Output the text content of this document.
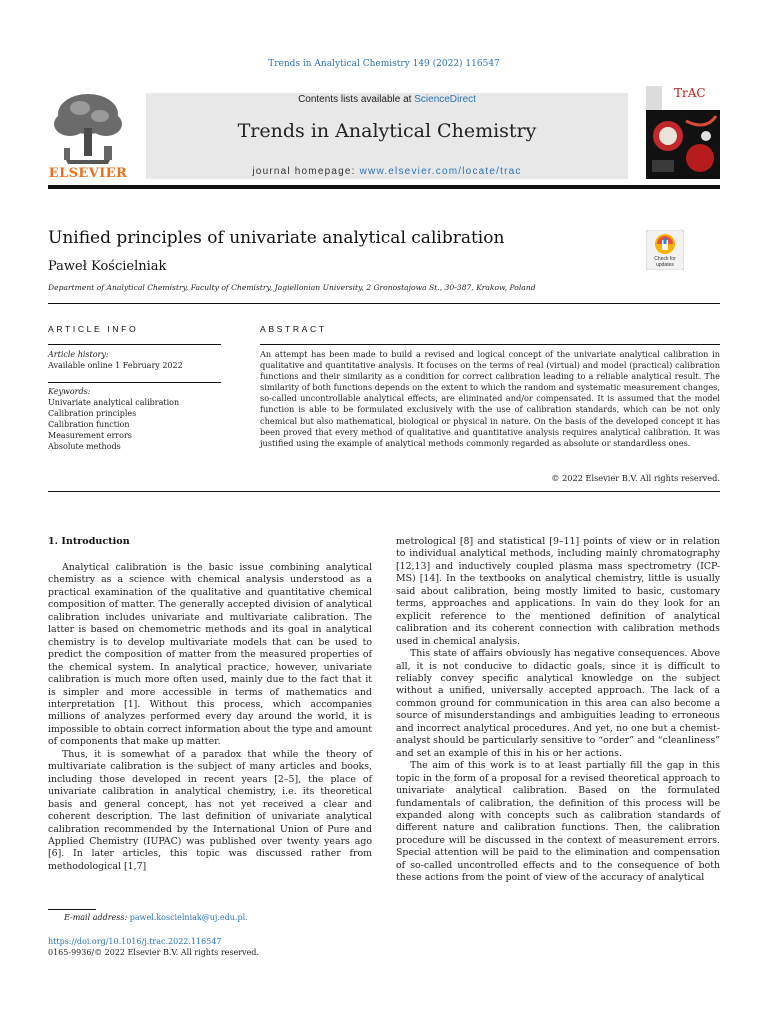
Trends in Analytical Chemistry 149 (2022) 116547
ELSEVIER
Contents lists available at ScienceDirect
Trends in Analytical Chemistry
journal homepage: www.elsevier.com/locate/trac
TrAC
Unified principles of univariate analytical calibration
Paweł Kościelniak
Department of Analytical Chemistry, Faculty of Chemistry, Jagiellonian University, 2 Gronostajowa St., 30-387, Krakow, Poland
Check for updates
ARTICLE INFO	ABSTRACT
Article history:
Available online 1 February 2022
Keywords:
Univariate analytical calibration
Calibration principles
Calibration function
Measurement errors
Absolute methods
An attempt has been made to build a revised and logical concept of the univariate analytical calibration in qualitative and quantitative analysis. It focuses on the terms of real (virtual) and model (practical) calibration functions and their similarity as a condition for correct calibration leading to a reliable analytical result. The similarity of both functions depends on the extent to which the random and systematic measurement changes, so-called uncontrollable analytical effects, are eliminated and/or compensated. It is assumed that the model function is able to be formulated exclusively with the use of calibration standards, which can be not only chemical but also mathematical, biological or physical in nature. On the basis of the developed concept it has been proved that every method of qualitative and quantitative analysis requires analytical calibration. It was justified using the example of analytical methods commonly regarded as absolute or standardless ones.
© 2022 Elsevier B.V. All rights reserved.
1. Introduction

Analytical calibration is the basic issue combining analytical chemistry as a science with chemical analysis understood as a practical examination of the qualitative and quantitative chemical composition of matter. The generally accepted division of analytical calibration includes univariate and multivariate calibration. The latter is based on chemometric methods and its goal in analytical chemistry is to develop multivariate models that can be used to predict the composition of matter from the measured properties of the chemical system. In analytical practice, however, univariate calibration is much more often used, mainly due to the fact that it is simpler and more accessible in terms of mathematics and interpretation [1]. Without this process, which accompanies millions of analyzes performed every day around the world, it is impossible to obtain correct information about the type and amount of components that make up matter.

Thus, it is somewhat of a paradox that while the theory of multivariate calibration is the subject of many articles and books, including those developed in recent years [2–5], the place of univariate calibration in analytical chemistry, i.e. its theoretical basis and general concept, has not yet received a clear and coherent description. The last definition of univariate analytical calibration recommended by the International Union of Pure and Applied Chemistry (IUPAC) was published over twenty years ago [6]. In later articles, this topic was discussed rather from methodological [1,7]

metrological [8] and statistical [9–11] points of view or in relation to individual analytical methods, including mainly chromatography [12,13] and inductively coupled plasma mass spectrometry (ICP-MS) [14]. In the textbooks on analytical chemistry, little is usually said about calibration, being mostly limited to basic, customary terms, approaches and applications. In vain do they look for an explicit reference to the mentioned definition of analytical calibration and its coherent connection with calibration methods used in chemical analysis.

This state of affairs obviously has negative consequences. Above all, it is not conducive to didactic goals, since it is difficult to reliably convey specific analytical knowledge on the subject without a unified, universally accepted approach. The lack of a common ground for communication in this area can also become a source of misunderstandings and ambiguities leading to erroneous and incorrect analytical procedures. And yet, no one but a chemist-analyst should be particularly sensitive to “order” and “cleanliness” and set an example of this in his or her actions.

The aim of this work is to at least partially fill the gap in this topic in the form of a proposal for a revised theoretical approach to univariate analytical calibration. Based on the formulated fundamentals of calibration, the definition of this process will be expanded along with concepts such as calibration standards of different nature and calibration functions. Then, the calibration procedure will be discussed in the context of measurement errors. Special attention will be paid to the elimination and compensation of so-called uncontrolled effects and to the consequence of both these actions from the point of view of the accuracy of analytical

E-mail address: pawel.koscielniak@uj.edu.pl.
https://doi.org/10.1016/j.trac.2022.116547
0165-9936/© 2022 Elsevier B.V. All rights reserved.
